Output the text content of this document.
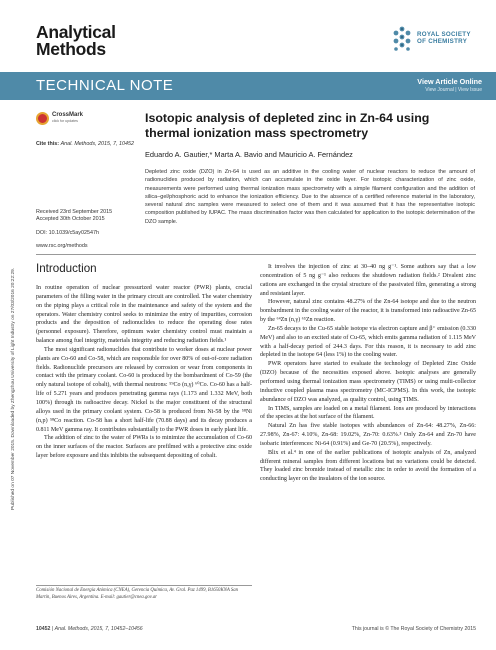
Published on 07 November 2015. Downloaded by Zhengzhou University of Light Industry on 27/03/2016 20:22:29.
Analytical
Methods
ROYAL SOCIETY
OF CHEMISTRY
TECHNICAL NOTE	View Article Online
View Journal | View Issue
CrossMark
click for updates
Cite this: Anal. Methods, 2015, 7, 10452
Isotopic analysis of depleted zinc in Zn-64 using thermal ionization mass spectrometry
Eduardo A. Gautier,* Marta A. Bavio and Mauricio A. Fernández
Depleted zinc oxide (DZO) in Zn-64 is used as an additive in the cooling water of nuclear reactors to reduce the amount of radionuclides produced by radiation, which can accumulate in the oxide layer. For isotopic characterization of zinc oxide, measurements were performed using thermal ionization mass spectrometry with a simple filament configuration and the addition of silica–gel/phosphoric acid to enhance the ionization efficiency. Due to the absence of a certified reference material in the laboratory, several natural zinc samples were measured to select one of them and it was assumed that it has the representative isotopic composition published by IUPAC. The mass discrimination factor was then calculated for application to the isotopic determination of the DZO sample.
Received 23rd September 2015
Accepted 30th October 2015
DOI: 10.1039/c5ay02547h
www.rsc.org/methods
Introduction

In routine operation of nuclear pressurized water reactor (PWR) plants, crucial parameters of the filling water in the primary circuit are controlled. The water chemistry on the piping plays a critical role in the maintenance and safety of the system and the operators. Water chemistry control seeks to minimize the entry of impurities, corrosion products and the deposition of radionuclides to reduce the operating dose rates (personnel exposure). Therefore, optimum water chemistry control must maintain a balance among fuel integrity, materials integrity and reducing radiation fields.¹

The most significant radionuclides that contribute to worker doses at nuclear power plants are Co-60 and Co-58, which are responsible for over 80% of out-of-core radiation fields. Radionuclide precursors are released by corrosion or wear from components in contact with the primary coolant. Co-60 is produced by the bombardment of Co-59 (the only natural isotope of cobalt), with thermal neutrons: ⁵⁹Co (n,γ) ⁶⁰Co. Co-60 has a half-life of 5.271 years and produces penetrating gamma rays (1.173 and 1.332 MeV, both 100%) through its radioactive decay. Nickel is the major constituent of the structural alloys used in the primary coolant system. Co-58 is produced from Ni-58 by the ⁵⁸Ni (n,p) ⁵⁸Co reaction. Co-58 has a short half-life (70.88 days) and its decay produces a 0.811 MeV gamma ray. It contributes substantially to the PWR doses in early plant life.

The addition of zinc to the water of PWRs is to minimize the accumulation of Co-60 on the inner surfaces of the reactor. Surfaces are prefilmed with a protective zinc oxide layer before exposure and this inhibits the subsequent depositing of cobalt.

It involves the injection of zinc at 30–40 ng g⁻¹. Some authors say that a low concentration of 5 ng g⁻¹ also reduces the shutdown radiation fields.² Divalent zinc cations are exchanged in the crystal structure of the passivated film, generating a strong and resistant layer.

However, natural zinc contains 48.27% of the Zn-64 isotope and due to the neutron bombardment in the cooling water of the reactor, it is transformed into radioactive Zn-65 by the ⁶⁴Zn (n,γ) ⁶⁵Zn reaction.

Zn-65 decays to the Cu-65 stable isotope via electron capture and β⁺ emission (0.330 MeV) and also to an excited state of Cu-65, which emits gamma radiation of 1.115 MeV with a half-decay period of 244.3 days. For this reason, it is necessary to add zinc depleted in the isotope 64 (less 1%) to the cooling water.

PWR operators have started to evaluate the technology of Depleted Zinc Oxide (DZO) because of the necessities exposed above. Isotopic analyses are generally performed using thermal ionization mass spectrometry (TIMS) or using multi-collector inductive coupled plasma mass spectrometry (MC-ICPMS). In this work, the isotopic abundance of DZO was analyzed, as quality control, using TIMS.

In TIMS, samples are loaded on a metal filament. Ions are produced by interactions of the species at the hot surface of the filament.

Natural Zn has five stable isotopes with abundances of Zn-64: 48.27%, Zn-66: 27.98%, Zn-67: 4.10%, Zn-68: 19.02%, Zn-70: 0.63%.³ Only Zn-64 and Zn-70 have isobaric interferences: Ni-64 (0.91%) and Ge-70 (20.5%), respectively.

Blix et al.⁴ in one of the earlier publications of isotopic analysis of Zn, analyzed different mineral samples from different locations but no variations could be detected. They loaded zinc bromide instead of metallic zinc in order to avoid the formation of a conducting layer on the insulators of the ion source.

Comisión Nacional de Energía Atómica (CNEA), Gerencia Química, Av. Gral. Paz 1499, B1650KNA San Martín, Buenos Aires, Argentina. E-mail: gautier@cnea.gov.ar
10452 | Anal. Methods, 2015, 7, 10452–10456	This journal is © The Royal Society of Chemistry 2015
